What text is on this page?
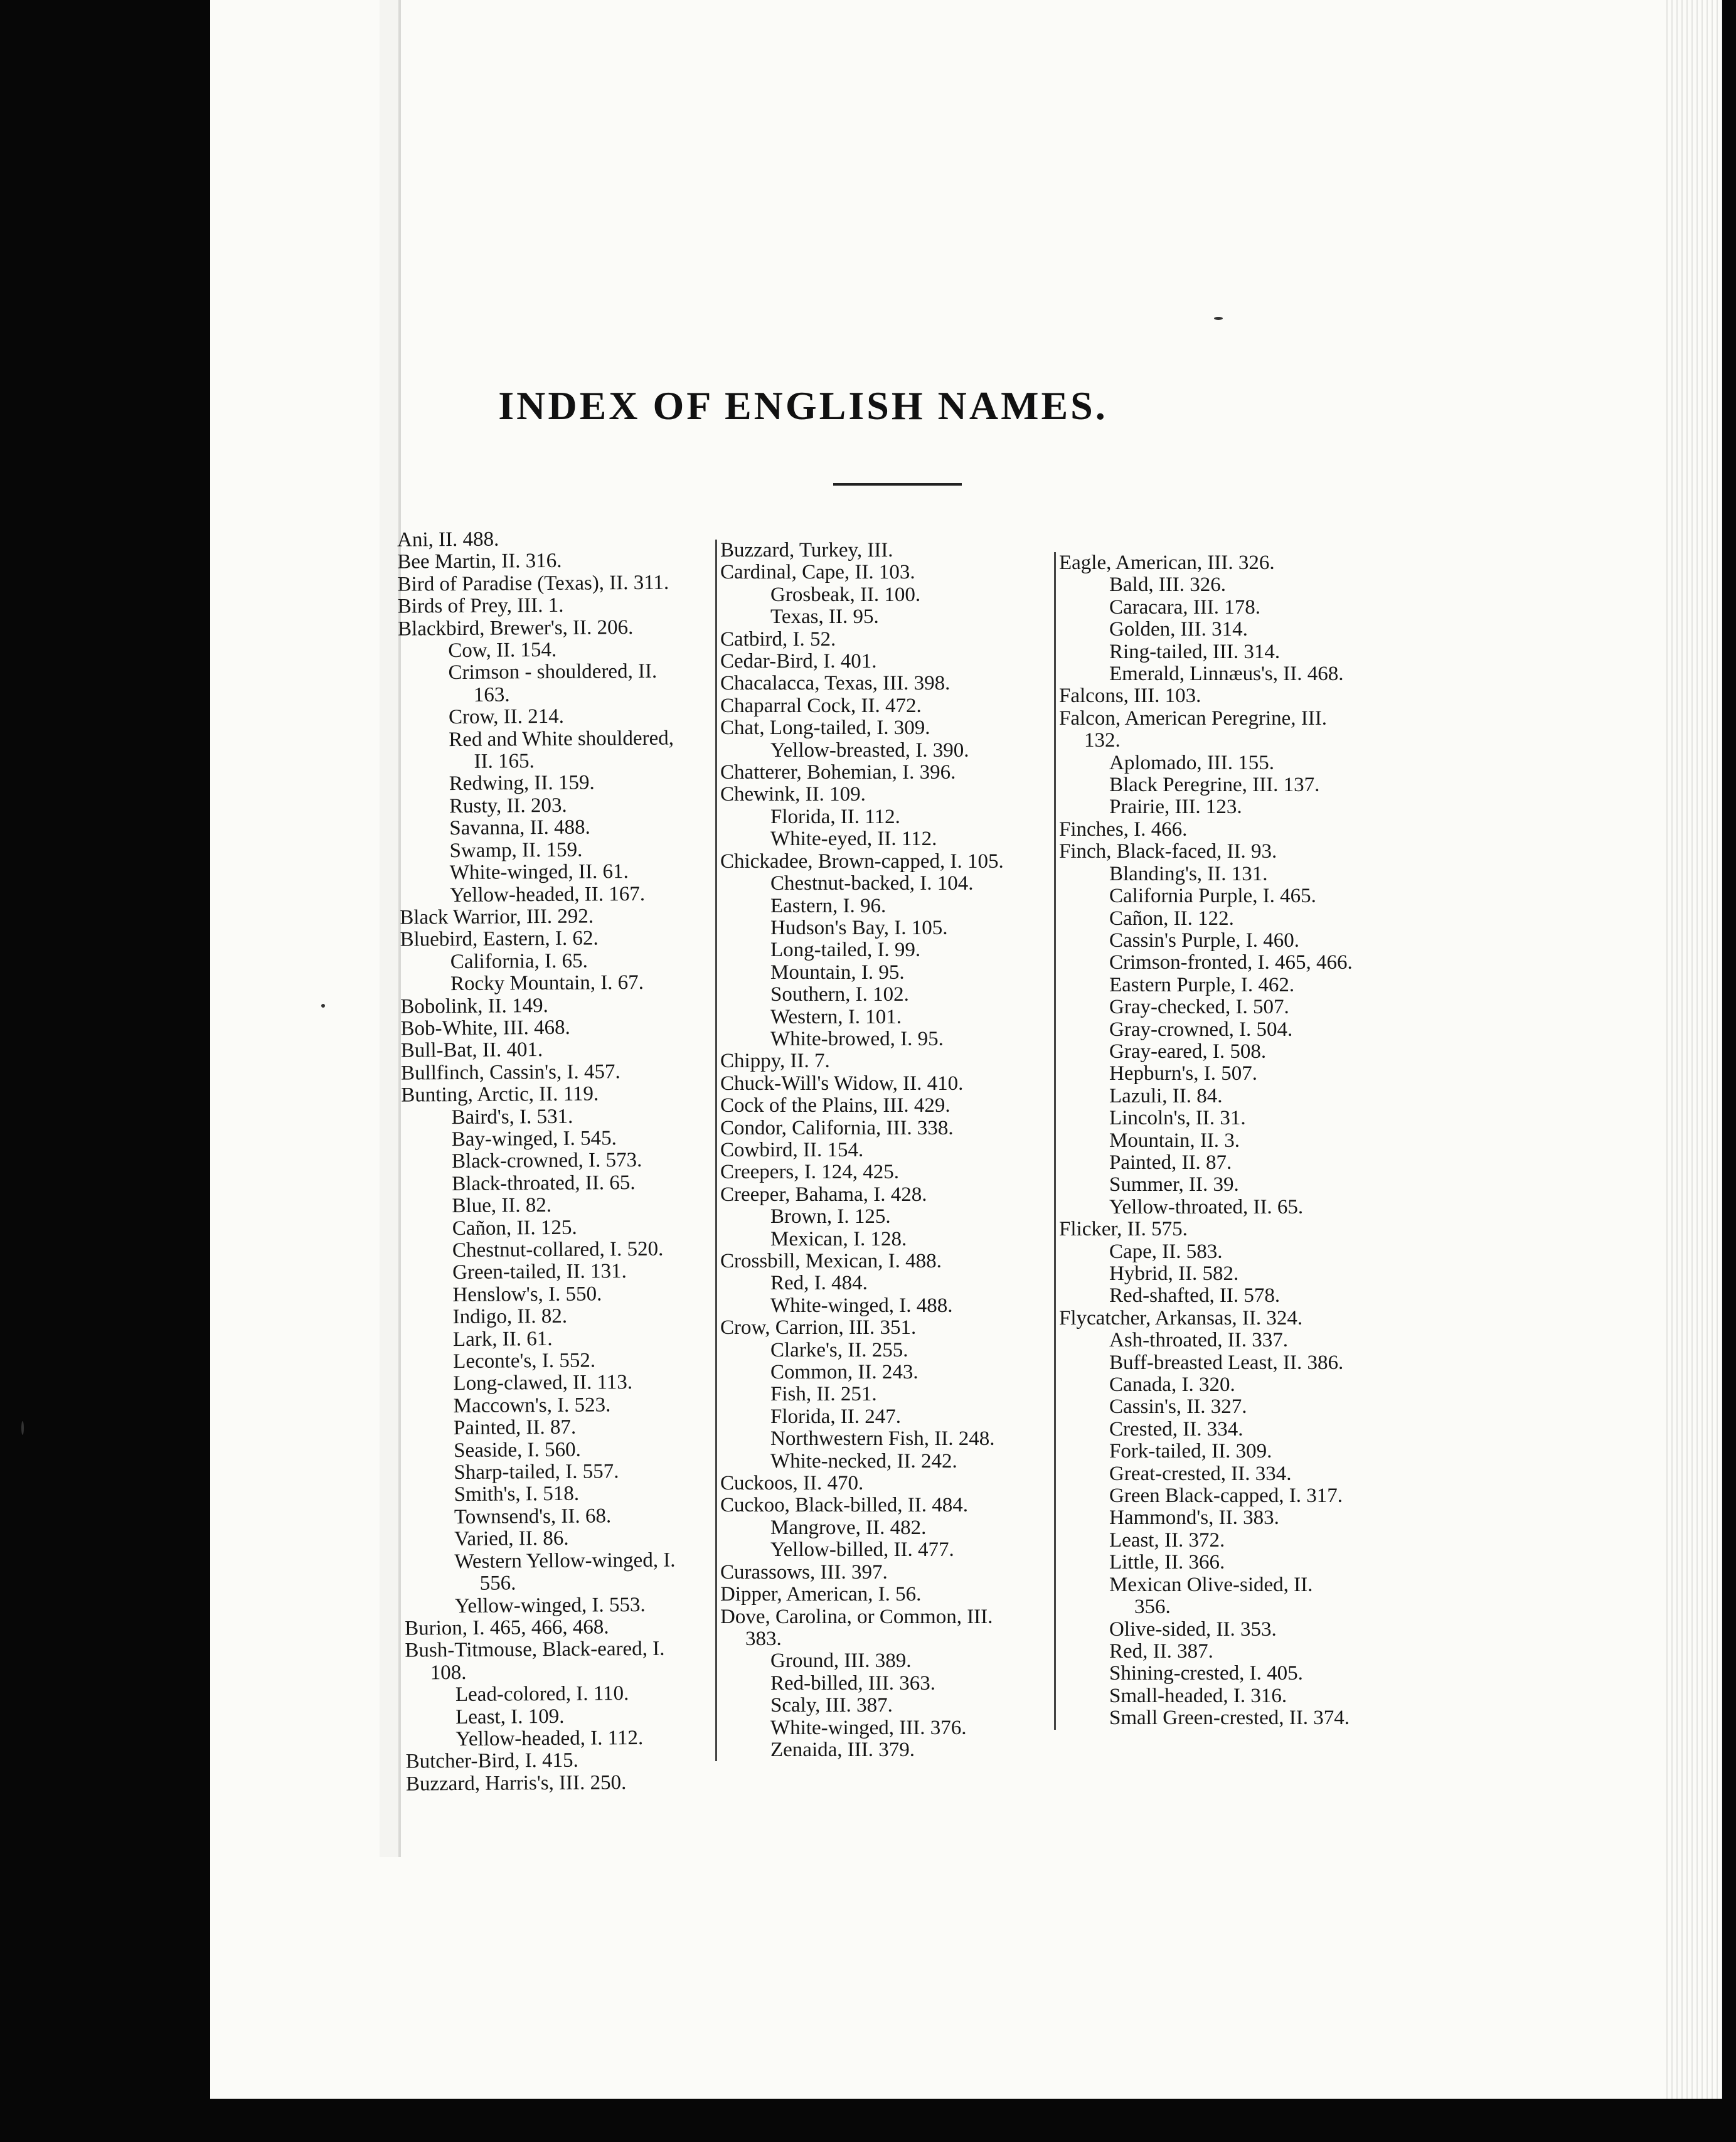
INDEX OF ENGLISH NAMES.

Ani, II. 488.

Bee Martin, II. 316.

Bird of Paradise (Texas), II. 311.

Birds of Prey, III. 1.

Blackbird, Brewer's, II. 206.

Cow, II. 154.

Crimson - shouldered, II. 163.

Crow, II. 214.

Red and White shouldered, II. 165.

Redwing, II. 159.

Rusty, II. 203.

Savanna, II. 488.

Swamp, II. 159.

White-winged, II. 61.

Yellow-headed, II. 167.

Black Warrior, III. 292.

Bluebird, Eastern, I. 62.

California, I. 65.

Rocky Mountain, I. 67.

Bobolink, II. 149.

Bob-White, III. 468.

Bull-Bat, II. 401.

Bullfinch, Cassin's, I. 457.

Bunting, Arctic, II. 119.

Baird's, I. 531.

Bay-winged, I. 545.

Black-crowned, I. 573.

Black-throated, II. 65.

Blue, II. 82.

Cañon, II. 125.

Chestnut-collared, I. 520.

Green-tailed, II. 131.

Henslow's, I. 550.

Indigo, II. 82.

Lark, II. 61.

Leconte's, I. 552.

Long-clawed, II. 113.

Maccown's, I. 523.

Painted, II. 87.

Seaside, I. 560.

Sharp-tailed, I. 557.

Smith's, I. 518.

Townsend's, II. 68.

Varied, II. 86.

Western Yellow-winged, I. 556.

Yellow-winged, I. 553.

Burion, I. 465, 466, 468.

Bush-Titmouse, Black-eared, I. 108.

Lead-colored, I. 110.

Least, I. 109.

Yellow-headed, I. 112.

Butcher-Bird, I. 415.

Buzzard, Harris's, III. 250.

Buzzard, Turkey, III.

Cardinal, Cape, II. 103.

Grosbeak, II. 100.

Texas, II. 95.

Catbird, I. 52.

Cedar-Bird, I. 401.

Chacalacca, Texas, III. 398.

Chaparral Cock, II. 472.

Chat, Long-tailed, I. 309.

Yellow-breasted, I. 390.

Chatterer, Bohemian, I. 396.

Chewink, II. 109.

Florida, II. 112.

White-eyed, II. 112.

Chickadee, Brown-capped, I. 105.

Chestnut-backed, I. 104.

Eastern, I. 96.

Hudson's Bay, I. 105.

Long-tailed, I. 99.

Mountain, I. 95.

Southern, I. 102.

Western, I. 101.

White-browed, I. 95.

Chippy, II. 7.

Chuck-Will's Widow, II. 410.

Cock of the Plains, III. 429.

Condor, California, III. 338.

Cowbird, II. 154.

Creepers, I. 124, 425.

Creeper, Bahama, I. 428.

Brown, I. 125.

Mexican, I. 128.

Crossbill, Mexican, I. 488.

Red, I. 484.

White-winged, I. 488.

Crow, Carrion, III. 351.

Clarke's, II. 255.

Common, II. 243.

Fish, II. 251.

Florida, II. 247.

Northwestern Fish, II. 248.

White-necked, II. 242.

Cuckoos, II. 470.

Cuckoo, Black-billed, II. 484.

Mangrove, II. 482.

Yellow-billed, II. 477.

Curassows, III. 397.

Dipper, American, I. 56.

Dove, Carolina, or Common, III. 383.

Ground, III. 389.

Red-billed, III. 363.

Scaly, III. 387.

White-winged, III. 376.

Zenaida, III. 379.

Eagle, American, III. 326.

Bald, III. 326.

Caracara, III. 178.

Golden, III. 314.

Ring-tailed, III. 314.

Emerald, Linnæus's, II. 468.

Falcons, III. 103.

Falcon, American Peregrine, III. 132.

Aplomado, III. 155.

Black Peregrine, III. 137.

Prairie, III. 123.

Finches, I. 466.

Finch, Black-faced, II. 93.

Blanding's, II. 131.

California Purple, I. 465.

Cañon, II. 122.

Cassin's Purple, I. 460.

Crimson-fronted, I. 465, 466.

Eastern Purple, I. 462.

Gray-checked, I. 507.

Gray-crowned, I. 504.

Gray-eared, I. 508.

Hepburn's, I. 507.

Lazuli, II. 84.

Lincoln's, II. 31.

Mountain, II. 3.

Painted, II. 87.

Summer, II. 39.

Yellow-throated, II. 65.

Flicker, II. 575.

Cape, II. 583.

Hybrid, II. 582.

Red-shafted, II. 578.

Flycatcher, Arkansas, II. 324.

Ash-throated, II. 337.

Buff-breasted Least, II. 386.

Canada, I. 320.

Cassin's, II. 327.

Crested, II. 334.

Fork-tailed, II. 309.

Great-crested, II. 334.

Green Black-capped, I. 317.

Hammond's, II. 383.

Least, II. 372.

Little, II. 366.

Mexican Olive-sided, II. 356.

Olive-sided, II. 353.

Red, II. 387.

Shining-crested, I. 405.

Small-headed, I. 316.

Small Green-crested, II. 374.
